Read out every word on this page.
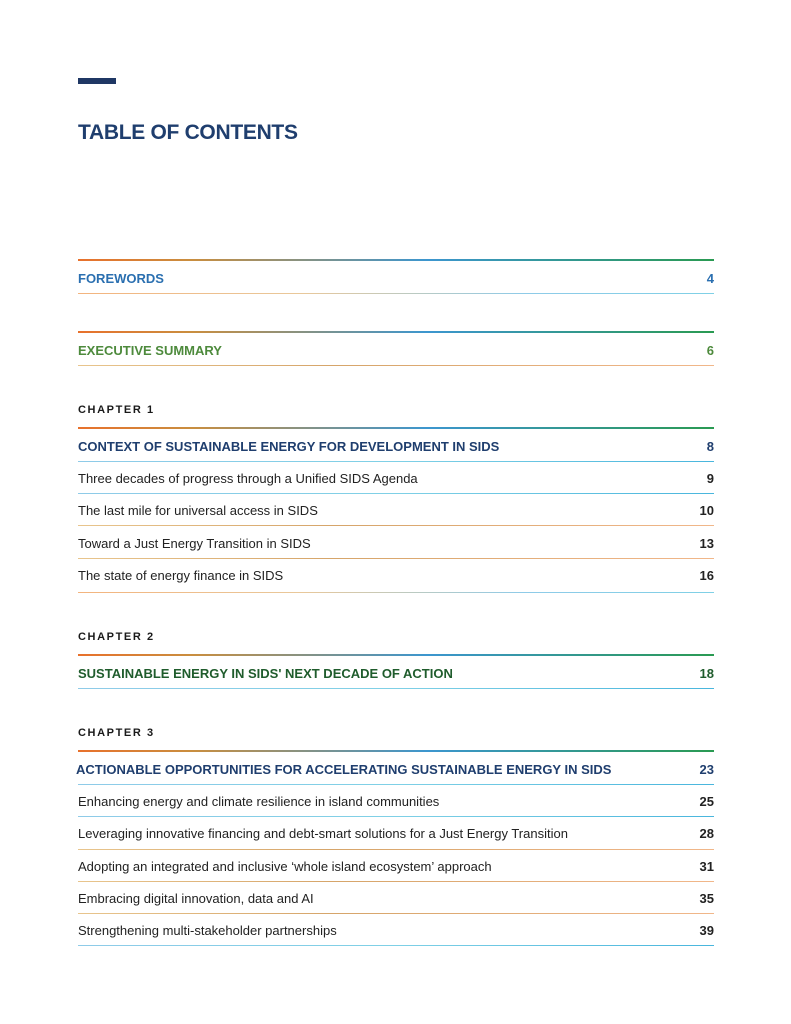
TABLE OF CONTENTS
FOREWORDS	4
EXECUTIVE SUMMARY	6
CHAPTER 1
CONTEXT OF SUSTAINABLE ENERGY FOR DEVELOPMENT IN SIDS	8
Three decades of progress through a Unified SIDS Agenda	9
The last mile for universal access in SIDS	10
Toward a Just Energy Transition in SIDS	13
The state of energy finance in SIDS	16
CHAPTER 2
SUSTAINABLE ENERGY IN SIDS' NEXT DECADE OF ACTION	18
CHAPTER 3
ACTIONABLE OPPORTUNITIES FOR ACCELERATING SUSTAINABLE ENERGY IN SIDS	23
Enhancing energy and climate resilience in island communities	25
Leveraging innovative financing and debt-smart solutions for a Just Energy Transition	28
Adopting an integrated and inclusive ‘whole island ecosystem’ approach	31
Embracing digital innovation, data and AI	35
Strengthening multi-stakeholder partnerships	39
